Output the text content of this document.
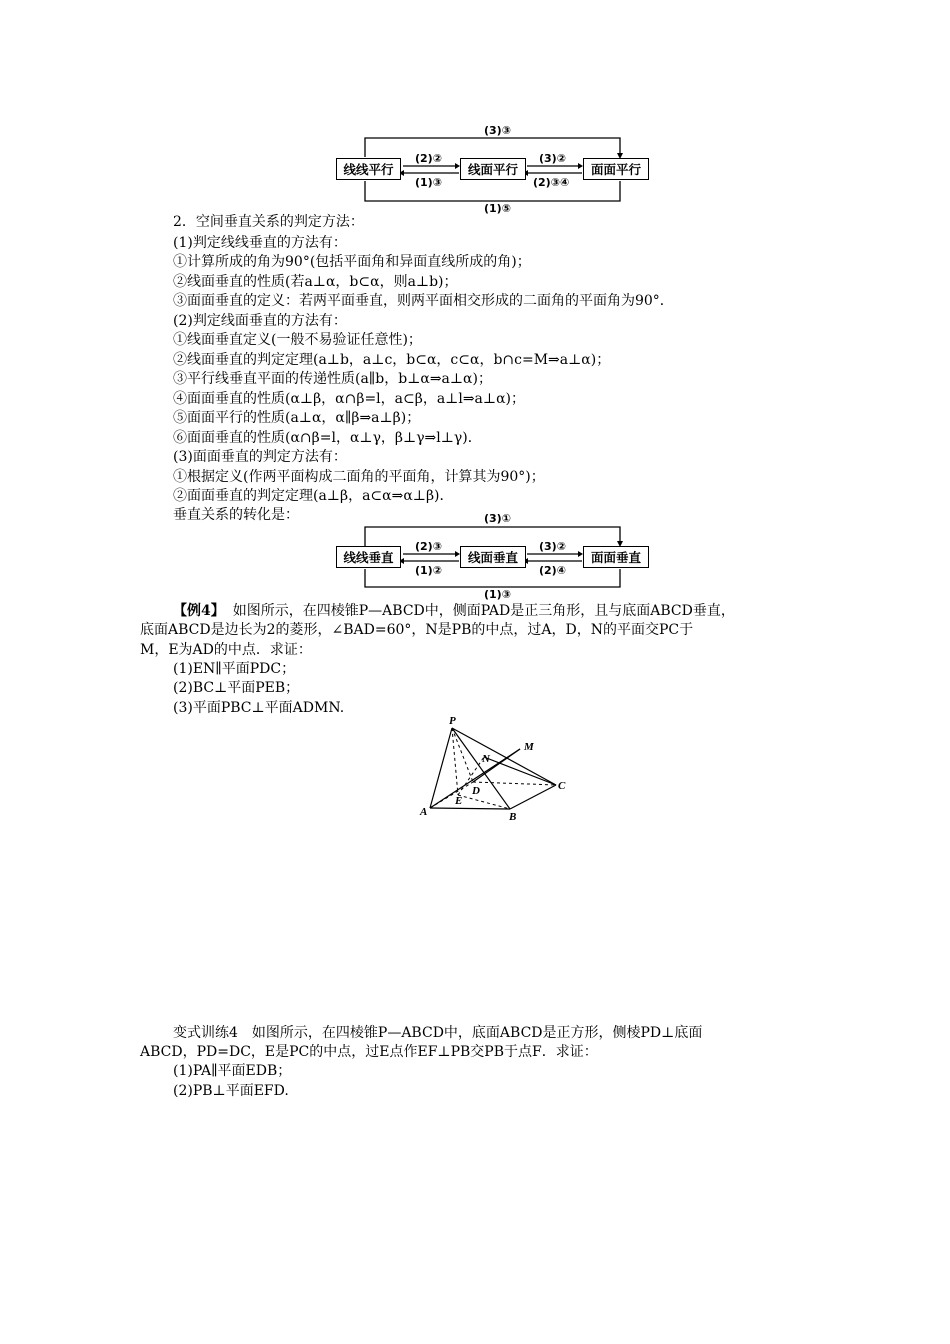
线线平行	线面平行	面面平行
(3)③
(1)⑤
(2)②
(1)③
(3)②
(2)③④
2．空间垂直关系的判定方法：
(1)判定线线垂直的方法有：
①计算所成的角为90°(包括平面角和异面直线所成的角)；
②线面垂直的性质(若a⊥α，b⊂α，则a⊥b)；
③面面垂直的定义：若两平面垂直，则两平面相交形成的二面角的平面角为90°．
(2)判定线面垂直的方法有：
①线面垂直定义(一般不易验证任意性)；
②线面垂直的判定定理(a⊥b，a⊥c，b⊂α，c⊂α，b∩c=M⇒a⊥α)；
③平行线垂直平面的传递性质(a∥b，b⊥α⇒a⊥α)；
④面面垂直的性质(α⊥β，α∩β=l，a⊂β，a⊥l⇒a⊥α)；
⑤面面平行的性质(a⊥α，α∥β⇒a⊥β)；
⑥面面垂直的性质(α∩β=l，α⊥γ，β⊥γ⇒l⊥γ)．
(3)面面垂直的判定方法有：
①根据定义(作两平面构成二面角的平面角，计算其为90°)；
②面面垂直的判定定理(a⊥β，a⊂α⇒α⊥β)．
垂直关系的转化是：
线线垂直	线面垂直	面面垂直
(3)①
(1)③
(2)③
(1)②
(3)②
(2)④
【例4】 如图所示，在四棱锥P—ABCD中，侧面PAD是正三角形，且与底面ABCD垂直，
底面ABCD是边长为2的菱形，∠BAD=60°，N是PB的中点，过A，D，N的平面交PC于
M，E为AD的中点．求证：
(1)EN∥平面PDC；
(2)BC⊥平面PEB；
(3)平面PBC⊥平面ADMN.
P
M
N
D	C
E
A	B
变式训练4　如图所示，在四棱锥P—ABCD中，底面ABCD是正方形，侧棱PD⊥底面
ABCD，PD=DC，E是PC的中点，过E点作EF⊥PB交PB于点F．求证：
(1)PA∥平面EDB；
(2)PB⊥平面EFD.
